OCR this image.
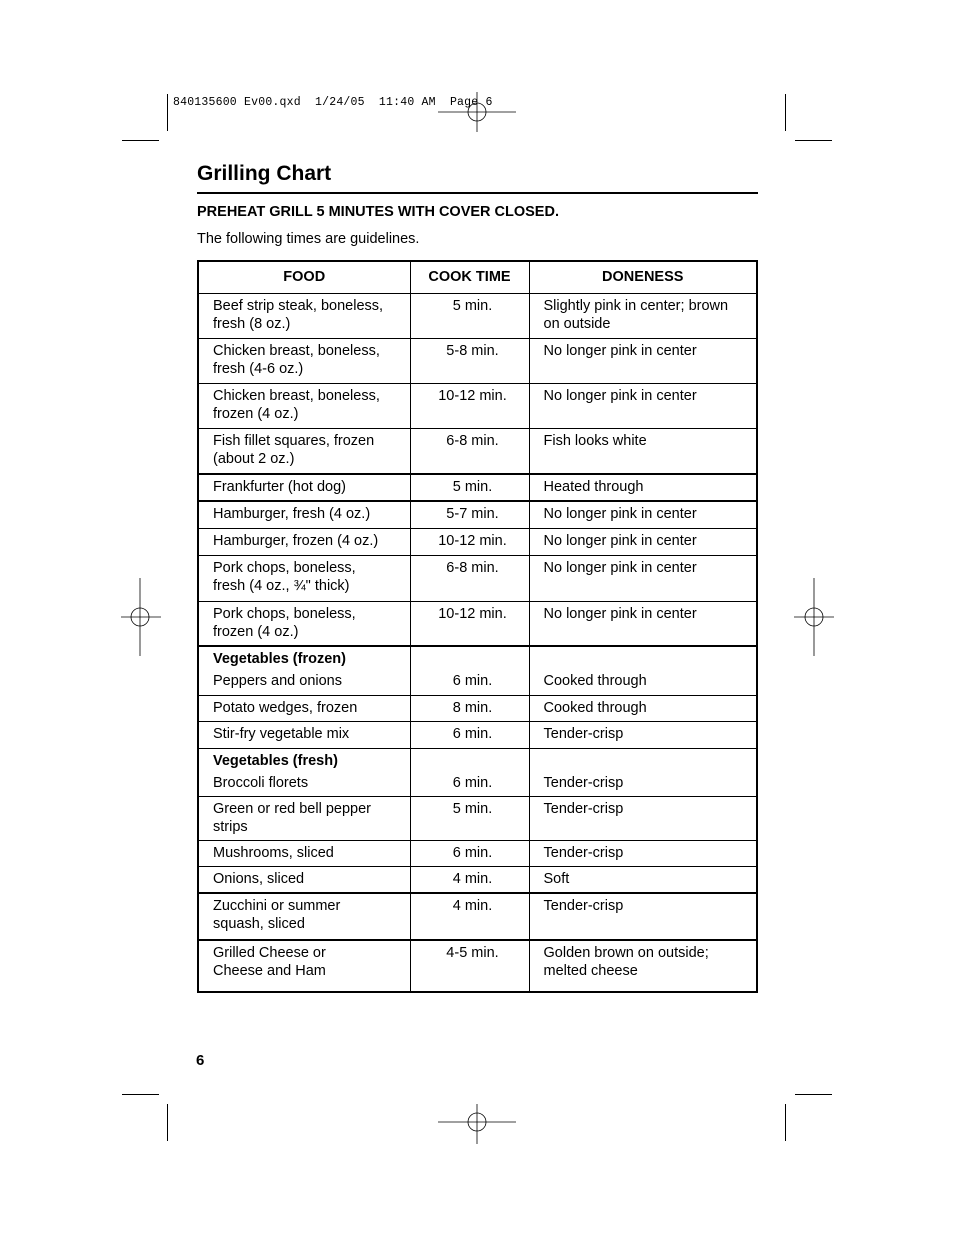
840135600 Ev00.qxd  1/24/05  11:40 AM  Page 6
Grilling Chart
PREHEAT GRILL 5 MINUTES WITH COVER CLOSED.
The following times are guidelines.
FOOD	COOK TIME	DONENESS
Beef strip steak, boneless,
fresh (8 oz.)	5 min.	Slightly pink in center; brown
on outside
Chicken breast, boneless,
fresh (4-6 oz.)	5-8 min.	No longer pink in center
Chicken breast, boneless,
frozen (4 oz.)	10-12 min.	No longer pink in center
Fish fillet squares, frozen
(about 2 oz.)	6-8 min.	Fish looks white
Frankfurter (hot dog)	5 min.	Heated through
Hamburger, fresh (4 oz.)	5-7 min.	No longer pink in center
Hamburger, frozen (4 oz.)	10-12 min.	No longer pink in center
Pork chops, boneless,
fresh (4 oz., ¾" thick)	6-8 min.	No longer pink in center
Pork chops, boneless,
frozen (4 oz.)	10-12 min.	No longer pink in center

Vegetables (frozen)
Peppers and onions	6 min.	Cooked through
Potato wedges, frozen	8 min.	Cooked through
Stir-fry vegetable mix	6 min.	Tender-crisp

Vegetables (fresh)
Broccoli florets	6 min.	Tender-crisp
Green or red bell pepper
strips	5 min.	Tender-crisp
Mushrooms, sliced	6 min.	Tender-crisp
Onions, sliced	4 min.	Soft
Zucchini or summer
squash, sliced	4 min.	Tender-crisp
Grilled Cheese or
Cheese and Ham	4-5 min.	Golden brown on outside;
melted cheese
6
